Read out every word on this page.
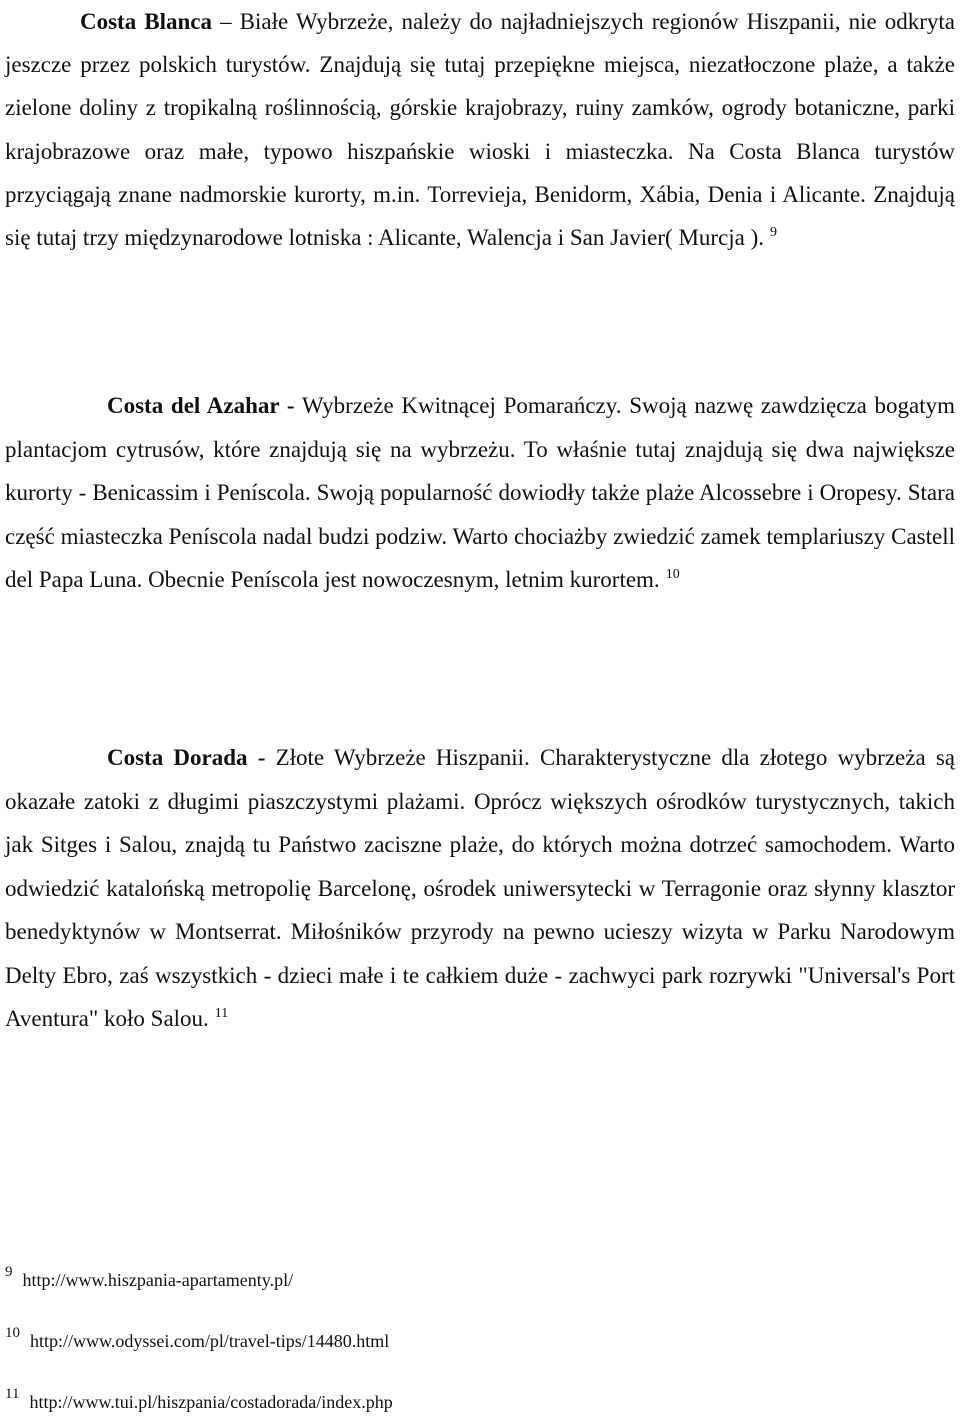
Costa Blanca – Białe Wybrzeże, należy do najładniejszych regionów Hiszpanii, nie odkryta jeszcze przez polskich turystów. Znajdują się tutaj przepiękne miejsca, niezatłoczone plaże, a także zielone doliny z tropikalną roślinnością, górskie krajobrazy, ruiny zamków, ogrody botaniczne, parki krajobrazowe oraz małe, typowo hiszpańskie wioski i miasteczka. Na Costa Blanca turystów przyciągają znane nadmorskie kurorty, m.in. Torrevieja, Benidorm, Xábia, Denia i Alicante. Znajdują się tutaj trzy międzynarodowe lotniska : Alicante, Walencja i San Javier( Murcja ). $^9$

Costa del Azahar - Wybrzeże Kwitnącej Pomarańczy. Swoją nazwę zawdzięcza bogatym plantacjom cytrusów, które znajdują się na wybrzeżu. To właśnie tutaj znajdują się dwa największe kurorty - Benicassim i Peníscola. Swoją popularność dowiodły także plaże Alcossebre i Oropesy. Stara część miasteczka Peníscola nadal budzi podziw. Warto chociażby zwiedzić zamek templariuszy Castell del Papa Luna. Obecnie Peníscola jest nowoczesnym, letnim kurortem. $^{10}$

Costa Dorada - Złote Wybrzeże Hiszpanii. Charakterystyczne dla złotego wybrzeża są okazałe zatoki z długimi piaszczystymi plażami. Oprócz większych ośrodków turystycznych, takich jak Sitges i Salou, znajdą tu Państwo zaciszne plaże, do których można dotrzeć samochodem. Warto odwiedzić katalońską metropolię Barcelonę, ośrodek uniwersytecki w Terragonie oraz słynny klasztor benedyktynów w Montserrat. Miłośników przyrody na pewno ucieszy wizyta w Parku Narodowym Delty Ebro, zaś wszystkich - dzieci małe i te całkiem duże - zachwyci park rozrywki "Universal's Port Aventura" koło Salou. $^{11}$

$^9$ http://www.hiszpania-apartamenty.pl/
$^{10}$ http://www.odyssei.com/pl/travel-tips/14480.html
$^{11}$ http://www.tui.pl/hiszpania/costadorada/index.php
